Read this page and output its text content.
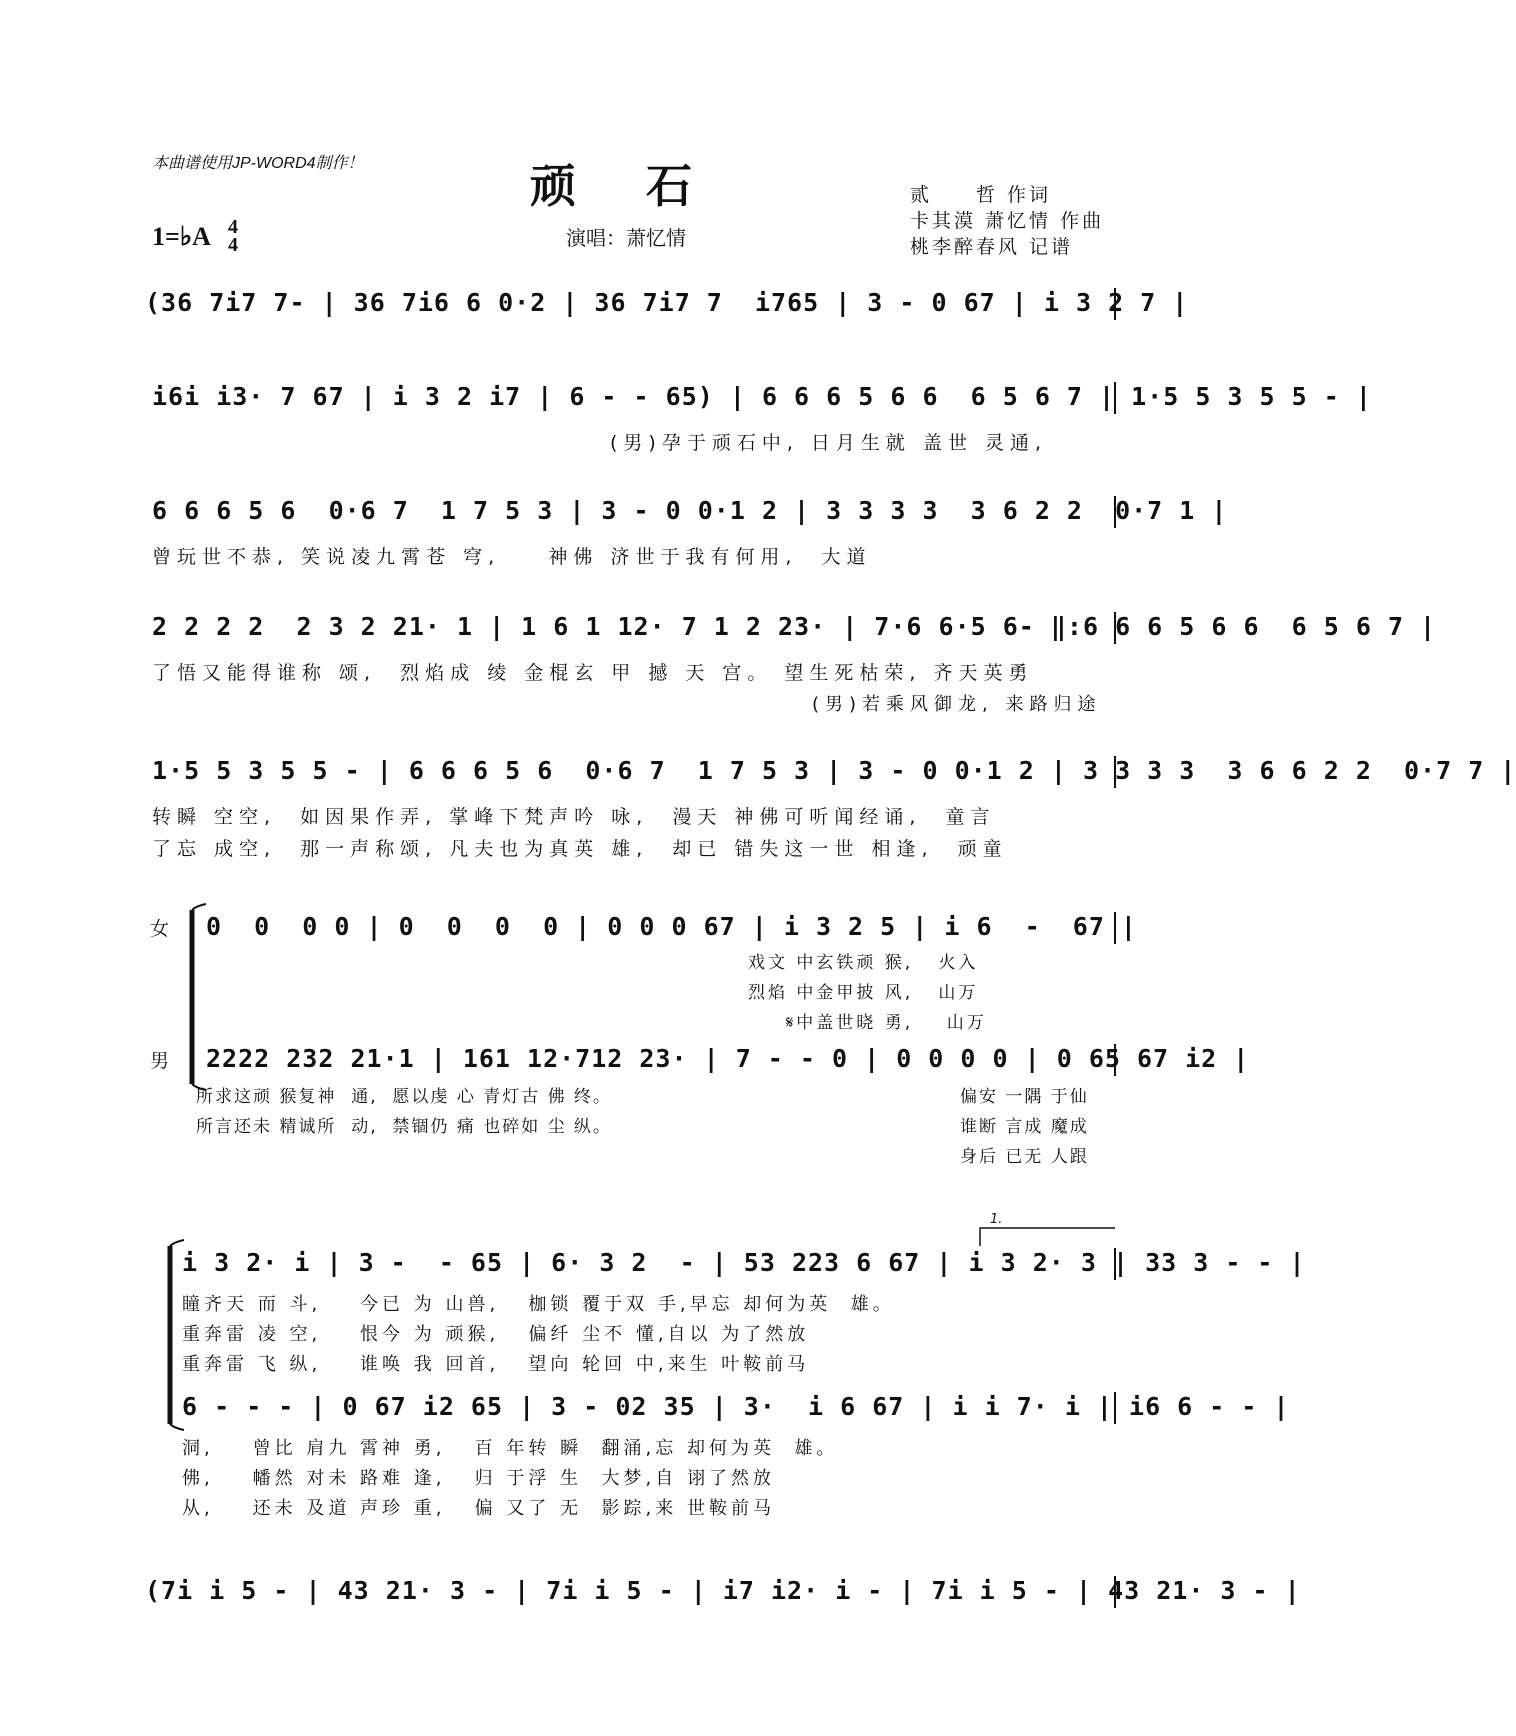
本曲谱使用JP-WORD4制作！	顽石
演唱：萧忆情
1=♭A 4
4
贰　　哲 作词
卡其漠 萧忆情 作曲
桃李醉春风 记谱
(36 7i7 7- | 36 7i6 6 0·2 | 36 7i7 7  i765 | 3 - 0 67 | i 3 2 7 |
i6i i3· 7 67 | i 3 2 i7 | 6 - - 65) | 6 6 6 5 6 6  6 5 6 7 | 1·5 5 3 5 5 - |
(男)孕于顽石中, 日月生就 盖世 灵通,
6 6 6 5 6  0·6 7  1 7 5 3 | 3 - 0 0·1 2 | 3 3 3 3  3 6 2 2  0·7 1 |
曾玩世不恭, 笑说凌九霄苍 穹,    神佛 济世于我有何用,  大道
2 2 2 2  2 3 2 21· 1 | 1 6 1 12· 7 1 2 23· | 7·6 6·5 6- ‖:6 6 6 5 6 6  6 5 6 7 |
了悟又能得谁称 颂,  烈焰成 绫 金棍玄 甲 撼 天 宫。 望生死枯荣, 齐天英勇
(男)若乘风御龙, 来路归途
1·5 5 3 5 5 - | 6 6 6 5 6  0·6 7  1 7 5 3 | 3 - 0 0·1 2 | 3 3 3 3  3 6 6 2 2  0·7 7 |
转瞬 空空,  如因果作弄, 掌峰下梵声吟 咏,  漫天 神佛可听闻经诵,  童言
了忘 成空,  那一声称颂, 凡夫也为真英 雄,  却已 错失这一世 相逢,  顽童
女 0  0  0 0 | 0  0  0  0 | 0 0 0 67 | i 3 2 5 | i 6  -  67 |
戏文 中玄铁顽 猴,   火入
烈焰 中金甲披 风,   山万
𝄋中盖世晓 勇,    山万
男 2222 232 21·1 | 161 12·712 23· | 7 - - 0 | 0 0 0 0 | 0 65 67 i2 |
所求这顽 猴复神  通,  愿以虔 心 青灯古 佛 终。
所言还未 精诚所  动,  禁锢仍 痛 也碎如 尘 纵。
偏安 一隅 于仙
谁断 言成 魔成
身后 已无 人跟
1.
i 3 2· i | 3 -  - 65 | 6· 3 2  - | 53 223 6 67 | i 3 2· 3 | 33 3 - - |
瞳齐天 而 斗,    今已 为 山兽,   枷锁 覆于双 手,早忘 却何为英  雄。
重奔雷 凌 空,    恨今 为 顽猴,   偏纤 尘不 懂,自以 为了然放
重奔雷 飞 纵,    谁唤 我 回首,   望向 轮回 中,来生 叶鞍前马
6 - - - | 0 67 i2 65 | 3 - 02 35 | 3·  i 6 67 | i i 7· i | i6 6 - - |
洞,    曾比 肩九 霄神 勇,   百 年转 瞬  翻涌,忘 却何为英  雄。
佛,    幡然 对未 路难 逢,   归 于浮 生  大梦,自 诩了然放
从,    还未 及道 声珍 重,   偏 又了 无  影踪,来 世鞍前马
(7i i 5 - | 43 21· 3 - | 7i i 5 - | i7 i2· i - | 7i i 5 - | 43 21· 3 - |
